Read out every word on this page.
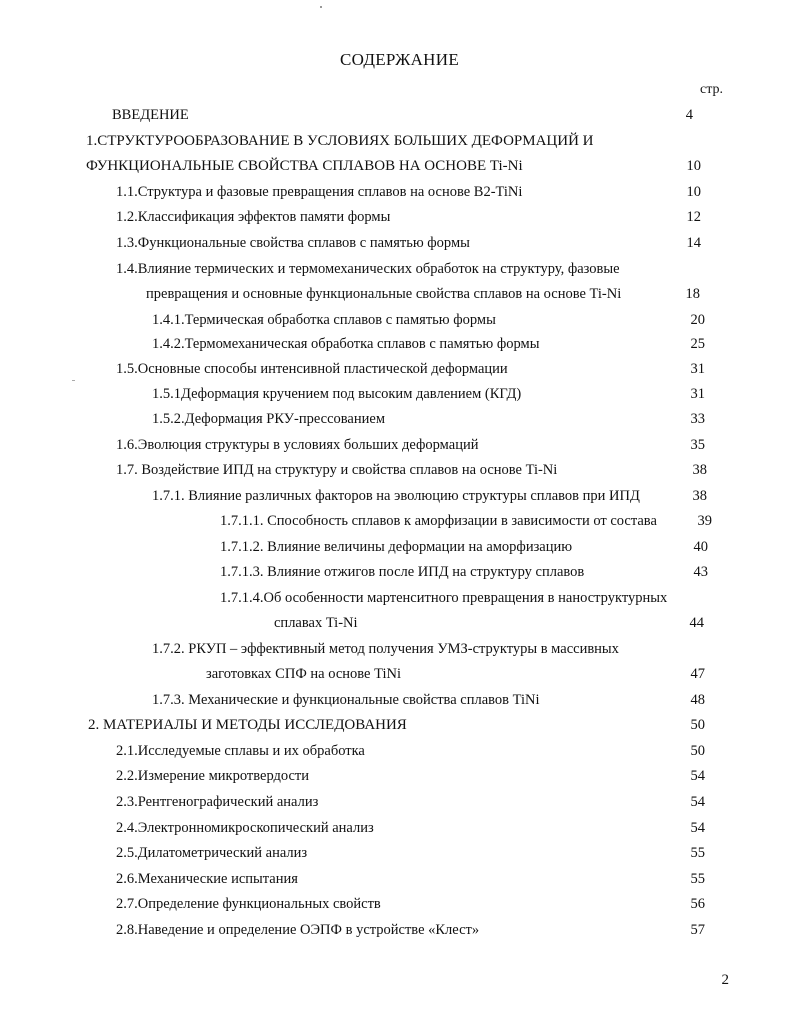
СОДЕРЖАНИЕ
стр.
ВВЕДЕНИЕ	4
1.СТРУКТУРООБРАЗОВАНИЕ В УСЛОВИЯХ БОЛЬШИХ ДЕФОРМАЦИЙ И
ФУНКЦИОНАЛЬНЫЕ СВОЙСТВА СПЛАВОВ НА ОСНОВЕ Ti-Ni	10
1.1.Структура и фазовые превращения сплавов на основе B2-TiNi	10
1.2.Классификация эффектов памяти формы	12
1.3.Функциональные свойства сплавов с памятью формы	14
1.4.Влияние термических и термомеханических обработок на структуру, фазовые
превращения и основные функциональные свойства сплавов на основе Ti-Ni	18
1.4.1.Термическая обработка сплавов с памятью формы	20
1.4.2.Термомеханическая обработка сплавов с памятью формы	25
1.5.Основные способы интенсивной пластической деформации	31
1.5.1Деформация кручением под высоким давлением (КГД)	31
1.5.2.Деформация РКУ-прессованием	33
1.6.Эволюция структуры в условиях больших деформаций	35
1.7. Воздействие ИПД на структуру и свойства сплавов на основе Ti-Ni	38
1.7.1. Влияние различных факторов на эволюцию структуры сплавов при ИПД	38
1.7.1.1. Способность сплавов к аморфизации в зависимости от состава	39
1.7.1.2. Влияние величины деформации на аморфизацию	40
1.7.1.3. Влияние отжигов после ИПД на структуру сплавов	43
1.7.1.4.Об особенности мартенситного превращения в наноструктурных
сплавах Ti-Ni	44
1.7.2. РКУП – эффективный метод получения УМЗ-структуры в массивных
заготовках СПФ на основе TiNi	47
1.7.3. Механические и функциональные свойства сплавов TiNi	48
2. МАТЕРИАЛЫ И МЕТОДЫ ИССЛЕДОВАНИЯ	50
2.1.Исследуемые сплавы и их обработка	50
2.2.Измерение микротвердости	54
2.3.Рентгенографический анализ	54
2.4.Электронномикроскопический анализ	54
2.5.Дилатометрический анализ	55
2.6.Механические испытания	55
2.7.Определение функциональных свойств	56
2.8.Наведение и определение ОЭПФ в устройстве «Клест»	57
2
